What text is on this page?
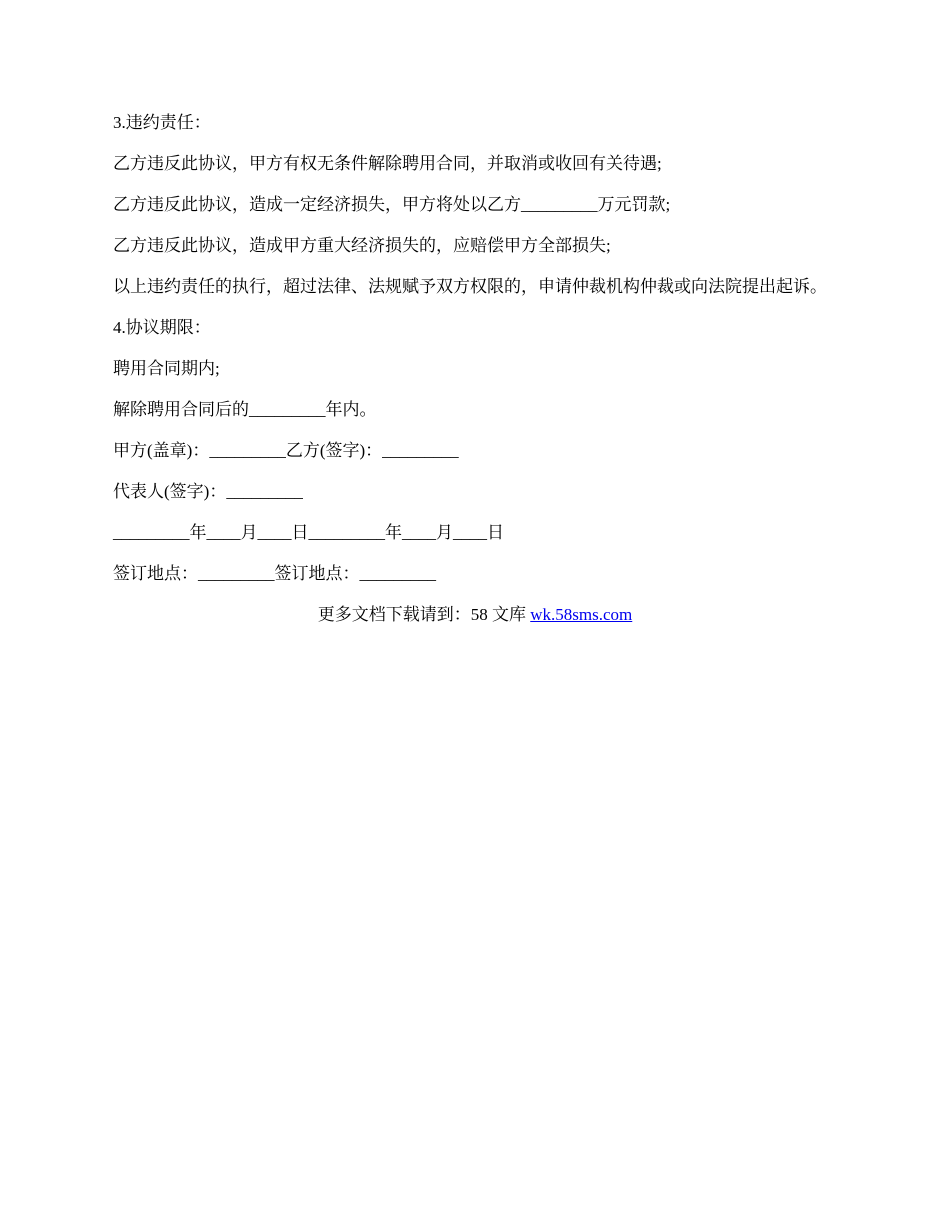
3.违约责任：

乙方违反此协议，甲方有权无条件解除聘用合同，并取消或收回有关待遇;

乙方违反此协议，造成一定经济损失，甲方将处以乙方_________万元罚款;

乙方违反此协议，造成甲方重大经济损失的，应赔偿甲方全部损失;

以上违约责任的执行，超过法律、法规赋予双方权限的，申请仲裁机构仲裁或向法院提出起诉。

4.协议期限：

聘用合同期内;

解除聘用合同后的_________年内。

甲方(盖章)：_________乙方(签字)：_________

代表人(签字)：_________

_________年____月____日_________年____月____日

签订地点：_________签订地点：_________

更多文档下载请到：58 文库 wk.58sms.com
